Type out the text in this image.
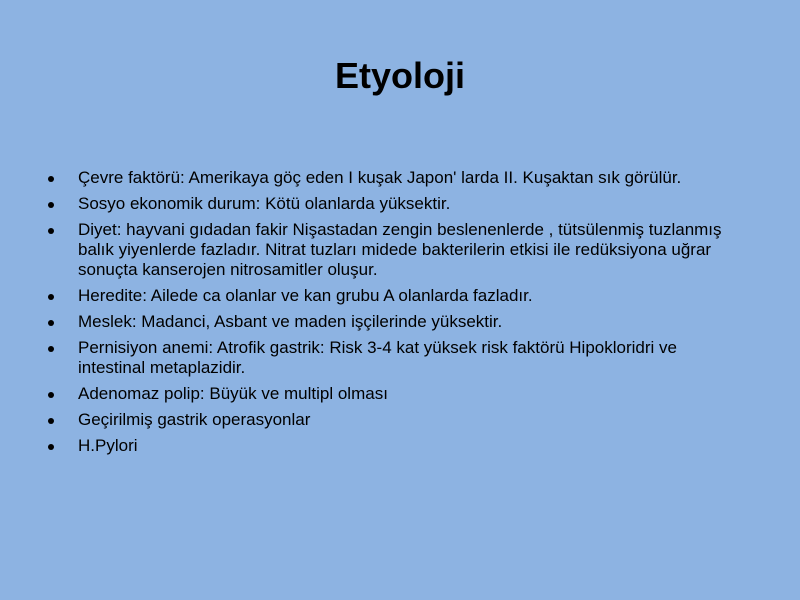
Etyoloji
Çevre faktörü: Amerikaya göç eden I kuşak Japon' larda II. Kuşaktan sık görülür.
Sosyo ekonomik durum: Kötü olanlarda yüksektir.
Diyet: hayvani gıdadan fakir Nişastadan zengin beslenenlerde , tütsülenmiş tuzlanmış balık yiyenlerde fazladır. Nitrat tuzları midede bakterilerin etkisi ile redüksiyona uğrar sonuçta kanserojen nitrosamitler oluşur.
Heredite: Ailede ca olanlar ve kan grubu A olanlarda fazladır.
Meslek: Madanci, Asbant ve maden işçilerinde yüksektir.
Pernisiyon anemi: Atrofik gastrik: Risk 3-4 kat yüksek risk faktörü Hipokloridri ve intestinal metaplazidir.
Adenomaz polip: Büyük ve multipl olması
Geçirilmiş gastrik operasyonlar
H.Pylori
